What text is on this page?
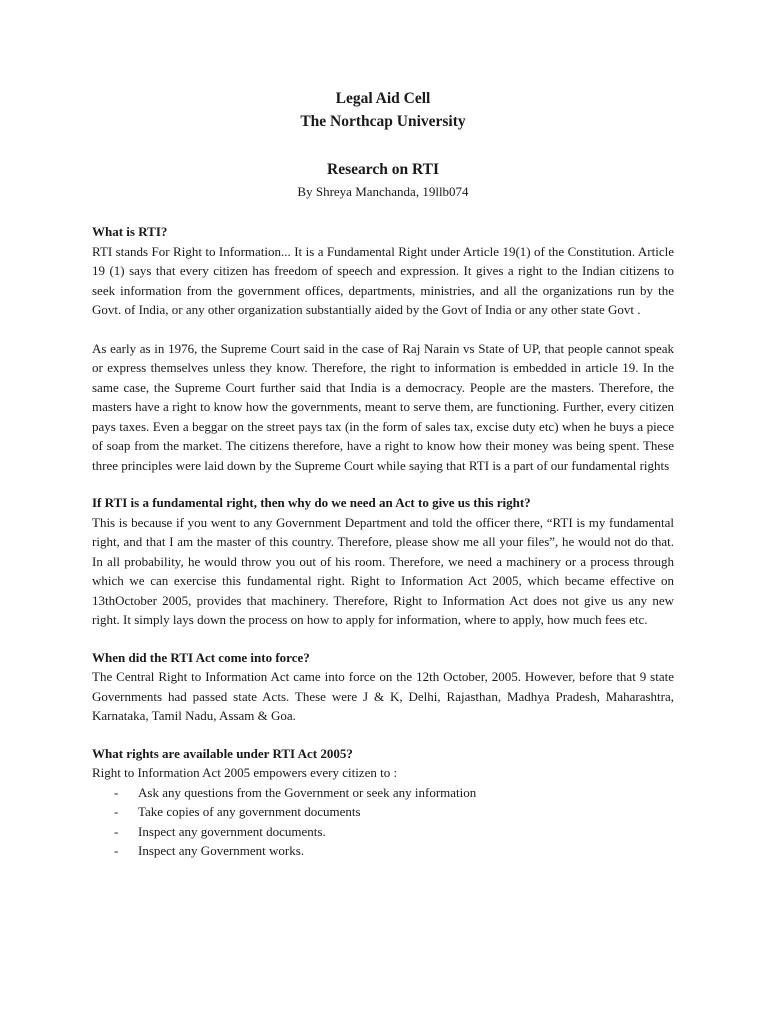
Legal Aid Cell

The Northcap University

Research on RTI

By Shreya Manchanda, 19llb074

What is RTI?

RTI stands For Right to Information... It is a Fundamental Right under Article 19(1) of the Constitution. Article 19 (1) says that every citizen has freedom of speech and expression. It gives a right to the Indian citizens to seek information from the government offices, departments, ministries, and all the organizations run by the Govt. of India, or any other organization substantially aided by the Govt of India or any other state Govt .

As early as in 1976, the Supreme Court said in the case of Raj Narain vs State of UP, that people cannot speak or express themselves unless they know. Therefore, the right to information is embedded in article 19. In the same case, the Supreme Court further said that India is a democracy. People are the masters. Therefore, the masters have a right to know how the governments, meant to serve them, are functioning. Further, every citizen pays taxes. Even a beggar on the street pays tax (in the form of sales tax, excise duty etc) when he buys a piece of soap from the market. The citizens therefore, have a right to know how their money was being spent. These three principles were laid down by the Supreme Court while saying that RTI is a part of our fundamental rights

If RTI is a fundamental right, then why do we need an Act to give us this right?

This is because if you went to any Government Department and told the officer there, “RTI is my fundamental right, and that I am the master of this country. Therefore, please show me all your files”, he would not do that. In all probability, he would throw you out of his room. Therefore, we need a machinery or a process through which we can exercise this fundamental right. Right to Information Act 2005, which became effective on 13thOctober 2005, provides that machinery. Therefore, Right to Information Act does not give us any new right. It simply lays down the process on how to apply for information, where to apply, how much fees etc.

When did the RTI Act come into force?

The Central Right to Information Act came into force on the 12th October, 2005. However, before that 9 state Governments had passed state Acts. These were J & K, Delhi, Rajasthan, Madhya Pradesh, Maharashtra, Karnataka, Tamil Nadu, Assam & Goa.

What rights are available under RTI Act 2005?

Right to Information Act 2005 empowers every citizen to :

- Ask any questions from the Government or seek any information
- Take copies of any government documents
- Inspect any government documents.
- Inspect any Government works.
